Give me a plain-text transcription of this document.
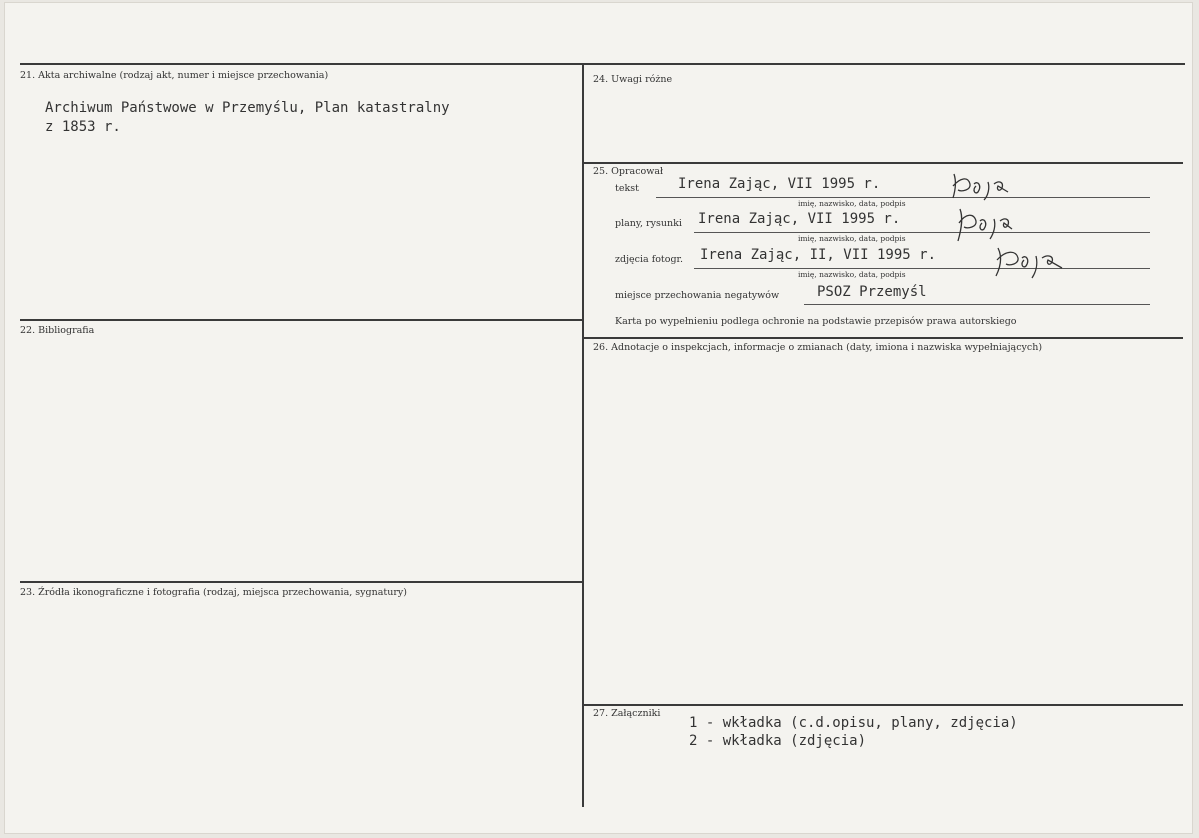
21. Akta archiwalne (rodzaj akt, numer i miejsce przechowania)
Archiwum Państwowe w Przemyślu, Plan katastralny
z 1853 r.
22. Bibliografia
23. Źródła ikonograficzne i fotografia (rodzaj, miejsca przechowania, sygnatury)
24. Uwagi różne
25. Opracował
tekst	Irena Zając, VII 1995 r.
imię, nazwisko, data, podpis
plany, rysunki Irena Zając, VII 1995 r.
imię, nazwisko, data, podpis
zdjęcia fotogr. Irena Zając, II, VII 1995 r.
imię, nazwisko, data, podpis
miejsce przechowania negatywów	PSOZ Przemyśl
Karta po wypełnieniu podlega ochronie na podstawie przepisów prawa autorskiego
26. Adnotacje o inspekcjach, informacje o zmianach (daty, imiona i nazwiska wypełniających)
27. Załączniki
1 - wkładka (c.d.opisu, plany, zdjęcia)
2 - wkładka (zdjęcia)
